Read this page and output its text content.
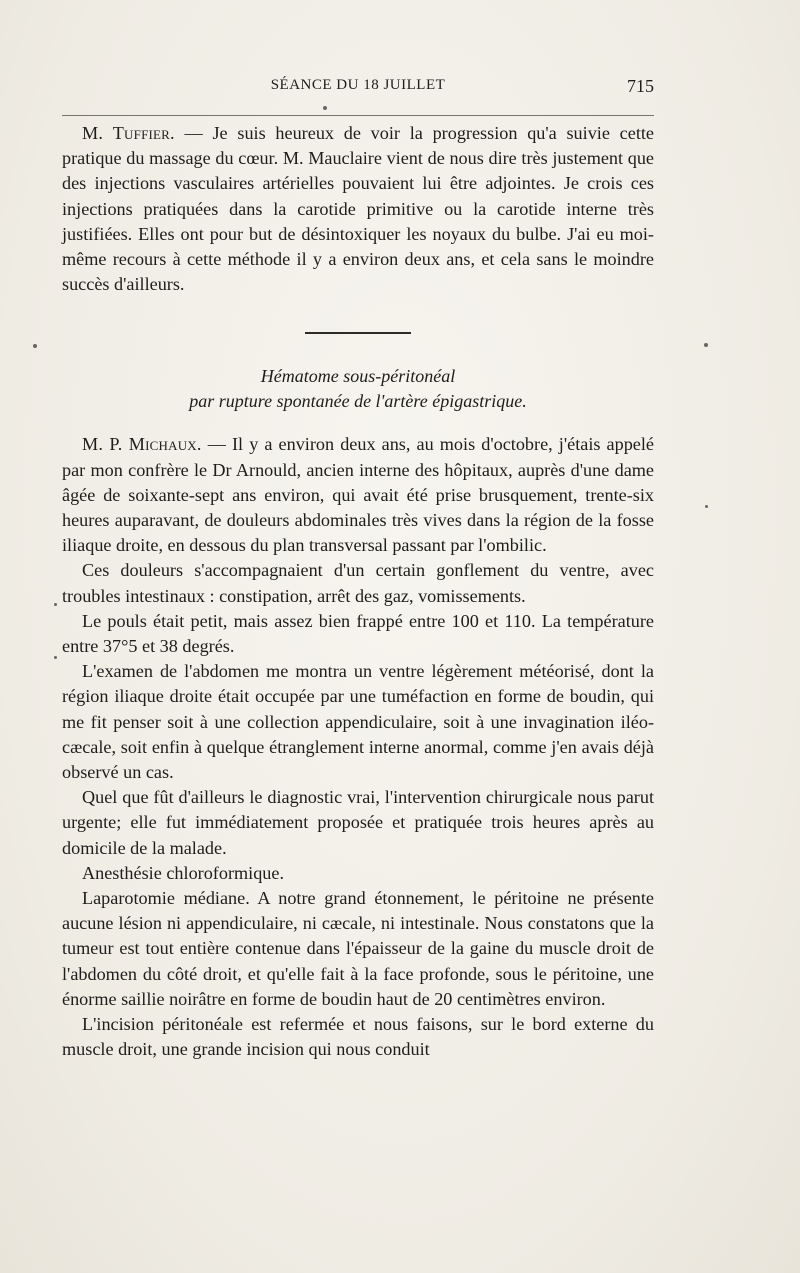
SÉANCE DU 18 JUILLET	715

M. Tuffier. — Je suis heureux de voir la progression qu'a suivie cette pratique du massage du cœur. M. Mauclaire vient de nous dire très justement que des injections vasculaires artérielles pouvaient lui être adjointes. Je crois ces injections pratiquées dans la carotide primitive ou la carotide interne très justifiées. Elles ont pour but de désintoxiquer les noyaux du bulbe. J'ai eu moi-même recours à cette méthode il y a environ deux ans, et cela sans le moindre succès d'ailleurs.

Hématome sous-péritonéal

par rupture spontanée de l'artère épigastrique.

M. P. Michaux. — Il y a environ deux ans, au mois d'octobre, j'étais appelé par mon confrère le Dr Arnould, ancien interne des hôpitaux, auprès d'une dame âgée de soixante-sept ans environ, qui avait été prise brusquement, trente-six heures auparavant, de douleurs abdominales très vives dans la région de la fosse iliaque droite, en dessous du plan transversal passant par l'ombilic.

Ces douleurs s'accompagnaient d'un certain gonflement du ventre, avec troubles intestinaux : constipation, arrêt des gaz, vomissements.

Le pouls était petit, mais assez bien frappé entre 100 et 110. La température entre 37°5 et 38 degrés.

L'examen de l'abdomen me montra un ventre légèrement météorisé, dont la région iliaque droite était occupée par une tuméfaction en forme de boudin, qui me fit penser soit à une collection appendiculaire, soit à une invagination iléo-cæcale, soit enfin à quelque étranglement interne anormal, comme j'en avais déjà observé un cas.

Quel que fût d'ailleurs le diagnostic vrai, l'intervention chirurgicale nous parut urgente; elle fut immédiatement proposée et pratiquée trois heures après au domicile de la malade.

Anesthésie chloroformique.

Laparotomie médiane. A notre grand étonnement, le péritoine ne présente aucune lésion ni appendiculaire, ni cæcale, ni intestinale. Nous constatons que la tumeur est tout entière contenue dans l'épaisseur de la gaine du muscle droit de l'abdomen du côté droit, et qu'elle fait à la face profonde, sous le péritoine, une énorme saillie noirâtre en forme de boudin haut de 20 centimètres environ.

L'incision péritonéale est refermée et nous faisons, sur le bord externe du muscle droit, une grande incision qui nous conduit
